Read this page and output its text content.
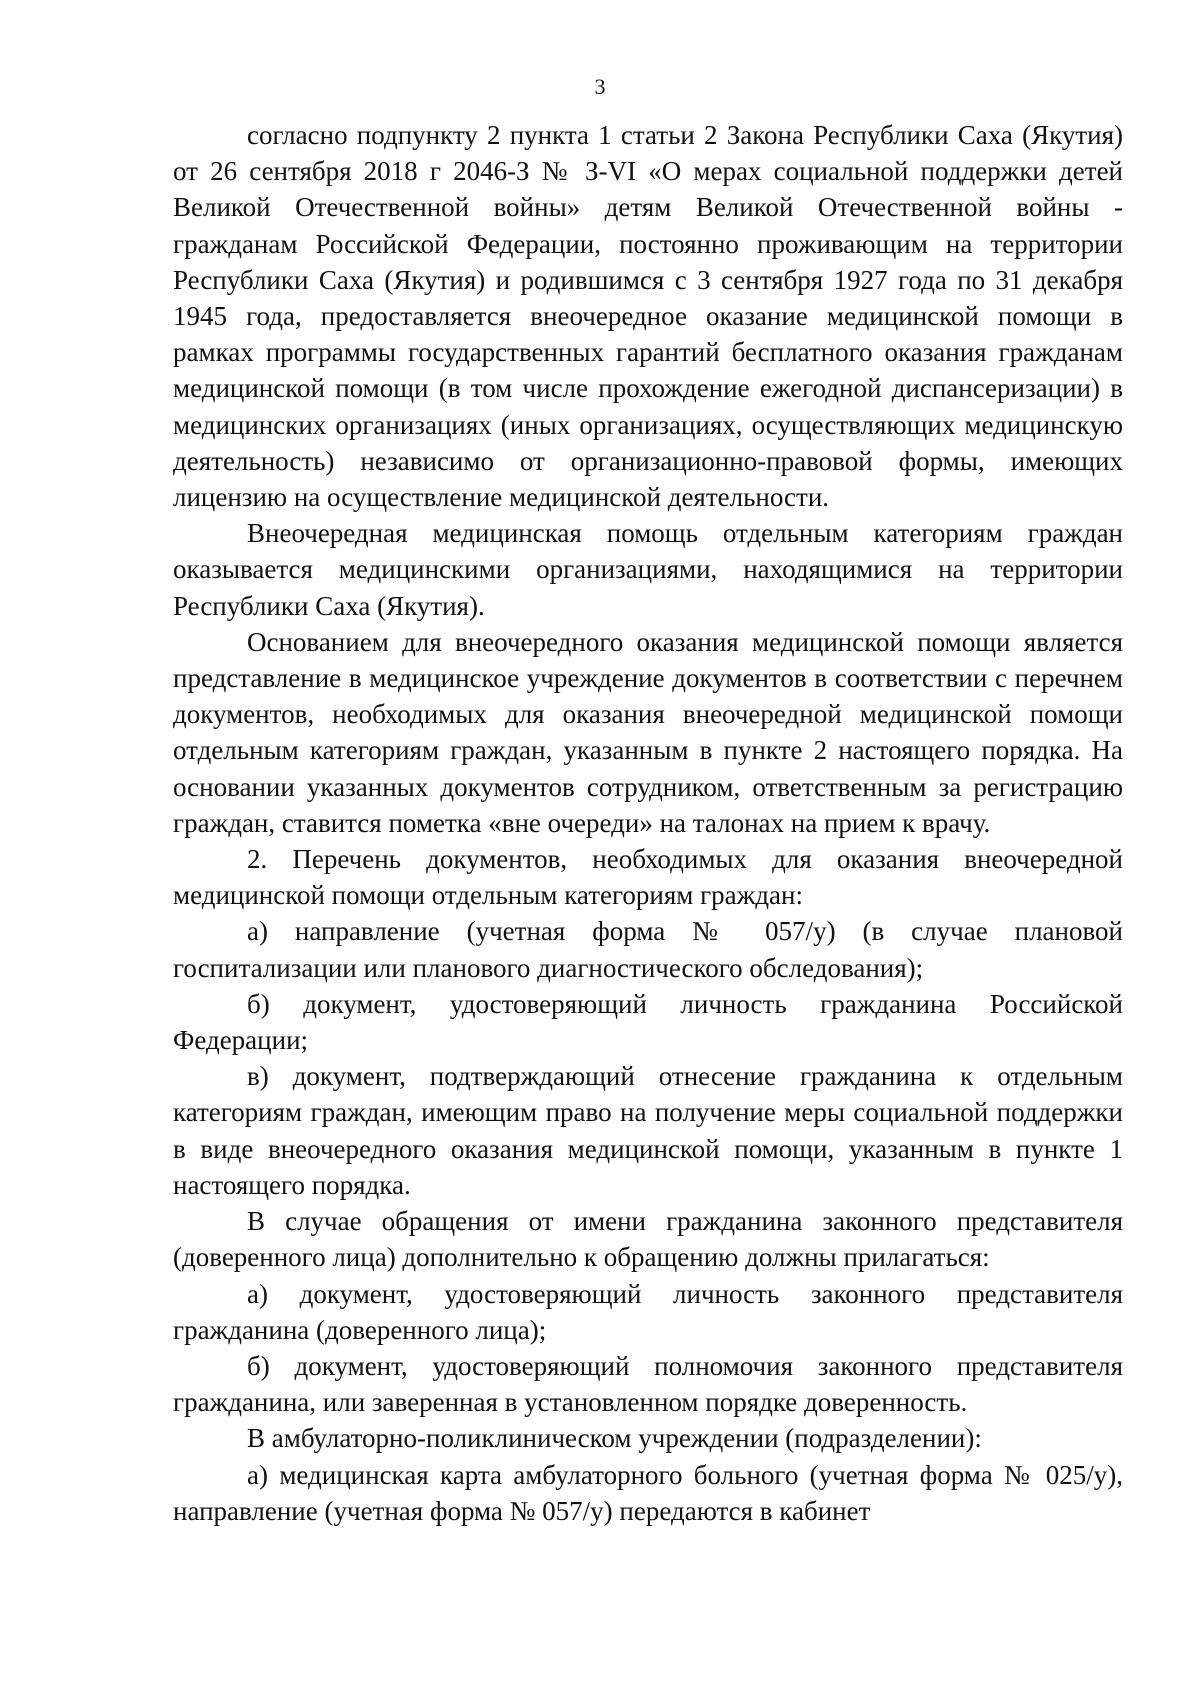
3

согласно подпункту 2 пункта 1 статьи 2 Закона Республики Саха (Якутия) от 26 сентября 2018 г 2046-З № З-VI «О мерах социальной поддержки детей Великой Отечественной войны» детям Великой Отечественной войны - гражданам Российской Федерации, постоянно проживающим на территории Республики Саха (Якутия) и родившимся с 3 сентября 1927 года по 31 декабря 1945 года, предоставляется внеочередное оказание медицинской помощи в рамках программы государственных гарантий бесплатного оказания гражданам медицинской помощи (в том числе прохождение ежегодной диспансеризации) в медицинских организациях (иных организациях, осуществляющих медицинскую деятельность) независимо от организационно-правовой формы, имеющих лицензию на осуществление медицинской деятельности.

Внеочередная медицинская помощь отдельным категориям граждан оказывается медицинскими организациями, находящимися на территории Республики Саха (Якутия).

Основанием для внеочередного оказания медицинской помощи является представление в медицинское учреждение документов в соответствии с перечнем документов, необходимых для оказания внеочередной медицинской помощи отдельным категориям граждан, указанным в пункте 2 настоящего порядка. На основании указанных документов сотрудником, ответственным за регистрацию граждан, ставится пометка «вне очереди» на талонах на прием к врачу.

2. Перечень документов, необходимых для оказания внеочередной медицинской помощи отдельным категориям граждан:

а) направление (учетная форма № 057/у) (в случае плановой госпитализации или планового диагностического обследования);

б) документ, удостоверяющий личность гражданина Российской Федерации;

в) документ, подтверждающий отнесение гражданина к отдельным категориям граждан, имеющим право на получение меры социальной поддержки в виде внеочередного оказания медицинской помощи, указанным в пункте 1 настоящего порядка.

В случае обращения от имени гражданина законного представителя (доверенного лица) дополнительно к обращению должны прилагаться:

а) документ, удостоверяющий личность законного представителя гражданина (доверенного лица);

б) документ, удостоверяющий полномочия законного представителя гражданина, или заверенная в установленном порядке доверенность.

В амбулаторно-поликлиническом учреждении (подразделении):

а) медицинская карта амбулаторного больного (учетная форма № 025/у), направление (учетная форма № 057/у) передаются в кабинет
